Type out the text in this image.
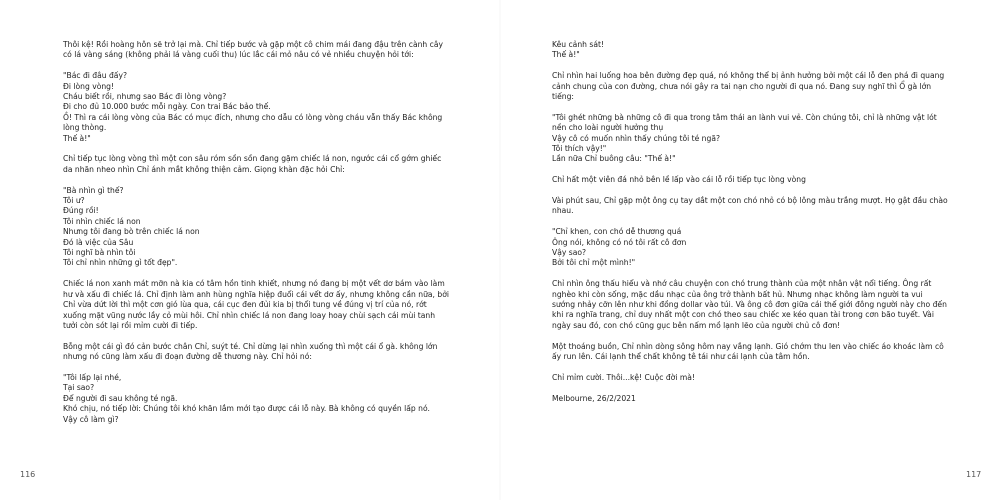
Thôi kệ! Rồi hoàng hôn sẽ trở lại mà. Chỉ tiếp bước và gặp một cô chim mái đang đậu trên cành cây có lá vàng sáng (không phải lá vàng cuối thu) lúc lắc cái mỏ nâu có vẻ nhiều chuyện hỏi tới:

"Bác đi đâu đấy?
Đi lòng vòng!
Cháu biết rồi, nhưng sao Bác đi lòng vòng?
Đi cho đủ 10.000 bước mỗi ngày. Con trai Bác bảo thế.
Ồ! Thì ra cái lòng vòng của Bác có mục đích, nhưng cho dẫu có lòng vòng cháu vẫn thấy Bác không lòng thòng.
Thế à!"

Chỉ tiếp tục lòng vòng thì một con sâu róm sồn sồn đang gặm chiếc lá non, ngước cái cổ gớm ghiếc da nhăn nheo nhìn Chỉ ánh mắt không thiện cảm. Giọng khàn đặc hỏi Chỉ:

"Bà nhìn gì thế?
Tôi ư?
Đúng rồi!
Tôi nhìn chiếc lá non
Nhưng tôi đang bò trên chiếc lá non
Đó là việc của Sâu
Tôi nghĩ bà nhìn tôi
Tôi chỉ nhìn những gì tốt đẹp".

Chiếc lá non xanh mát mỡn nà kia có tâm hồn tinh khiết, nhưng nó đang bị một vết dơ bám vào làm hư và xấu đi chiếc lá. Chỉ định làm anh hùng nghĩa hiệp đuổi cái vết dơ ấy, nhưng không cần nữa, bởi Chỉ vừa dứt lời thì một cơn gió lùa qua, cái cục đen đủi kia bị thổi tung về đúng vị trí của nó, rớt xuống mặt vũng nước lầy cỏ mùi hôi. Chỉ nhìn chiếc lá non đang loay hoay chùi sạch cái mùi tanh tưởi còn sót lại rồi mỉm cười đi tiếp.

Bỗng một cái gì đó cản bước chân Chỉ, suýt té. Chỉ dừng lại nhìn xuống thì một cái ổ gà. không lớn nhưng nó cũng làm xấu đi đoạn đường dễ thương này. Chỉ hỏi nó:

"Tôi lấp lại nhé,
Tại sao?
Để người đi sau không té ngã.
Khó chịu, nó tiếp lời: Chúng tôi khó khăn lắm mới tạo được cái lỗ này. Bà không có quyền lấp nó.
Vậy cô làm gì?

Kêu cảnh sát!
Thế à!"

Chỉ nhìn hai luống hoa bên đường đẹp quá, nó không thể bị ảnh hưởng bởi một cái lỗ đen phá đi quang cảnh chung của con đường, chưa nói gây ra tai nạn cho người đi qua nó. Đang suy nghĩ thì Ổ gà lớn tiếng:

"Tôi ghét những bà những cô đi qua trong tâm thái an lành vui vẻ. Còn chúng tôi, chỉ là những vật lót nền cho loài người hưởng thụ
Vậy cô có muốn nhìn thấy chúng tôi té ngã?
Tôi thích vậy!"
Lần nữa Chỉ buông câu: "Thế à!"

Chỉ hất một viên đá nhỏ bên lề lấp vào cái lỗ rồi tiếp tục lòng vòng

Vài phút sau, Chỉ gặp một ông cụ tay dắt một con chó nhỏ có bộ lông màu trắng mượt. Họ gật đầu chào nhau.

"Chỉ khen, con chó dễ thương quá
Ông nói, không có nó tôi rất cô đơn
Vậy sao?
Bởi tôi chỉ một mình!"

Chỉ nhìn ông thấu hiểu và nhớ câu chuyện con chó trung thành của một nhân vật nổi tiếng. Ông rất nghèo khi còn sống, mặc dầu nhạc của ông trở thành bất hủ. Nhưng nhạc không làm người ta vui sướng nhảy cỡn lên như khi đồng dollar vào túi. Và ông cô đơn giữa cái thế giới đông người này cho đến khi ra nghĩa trang, chỉ duy nhất một con chó theo sau chiếc xe kéo quan tài trong cơn bão tuyết. Vài ngày sau đó, con chó cũng gục bên nấm mồ lạnh lẽo của người chủ cô đơn!

Một thoáng buồn, Chỉ nhìn dòng sông hôm nay vắng lạnh. Gió chớm thu len vào chiếc áo khoác làm cô ấy run lên. Cái lạnh thể chất không tê tái như cái lạnh của tâm hồn.

Chỉ mỉm cười. Thôi...kệ! Cuộc đời mà!

Melbourne, 26/2/2021

116	117
